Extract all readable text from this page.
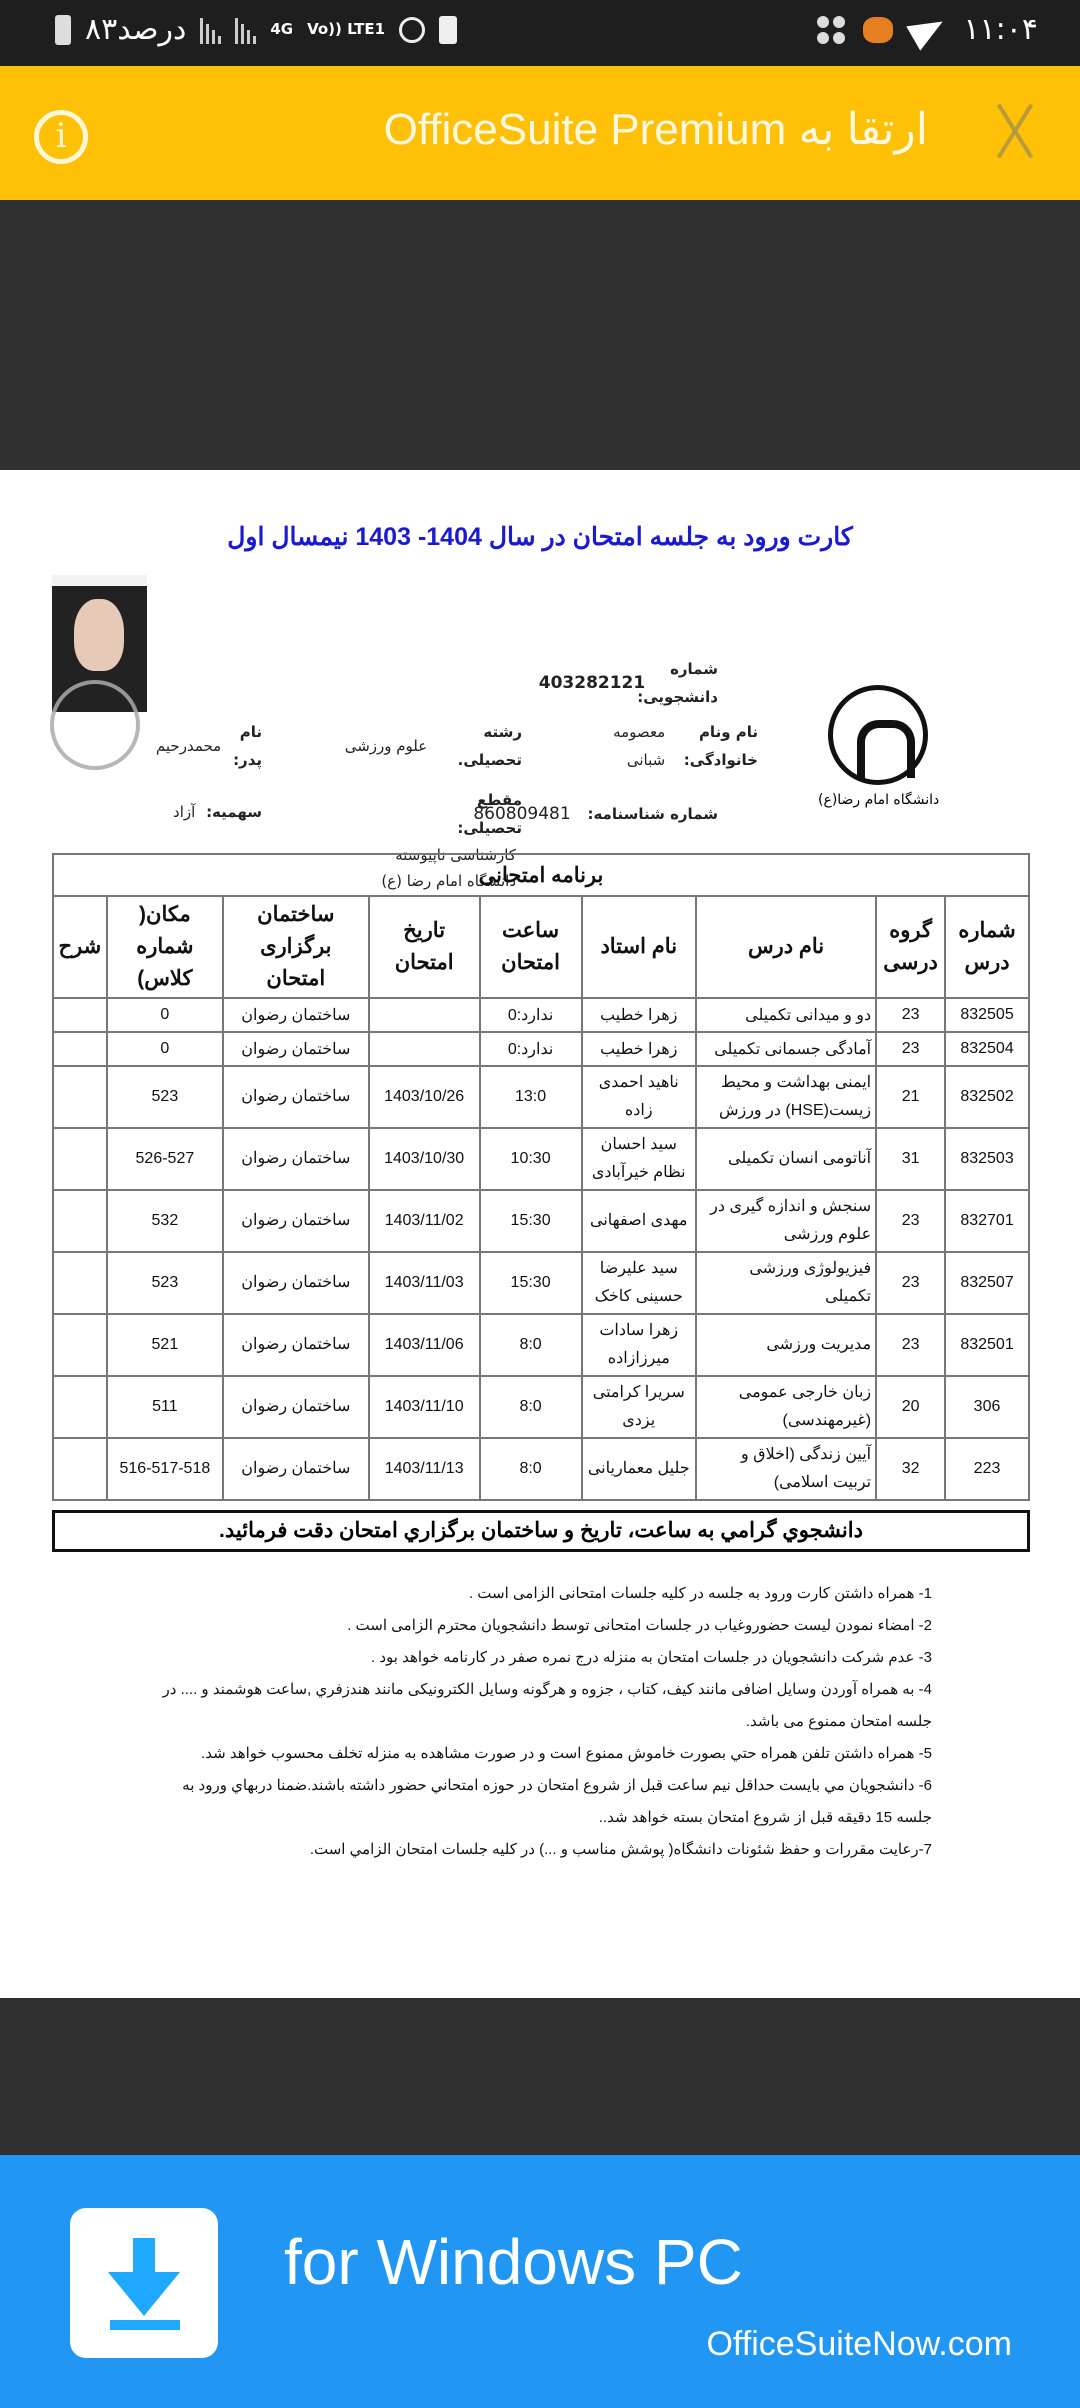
۸۳درصد	4G Vo)) LTE1	۱۱:۰۴
i	ارتقا به OfficeSuite Premium
کارت ورود به جلسه امتحان در سال 1404- 1403 نیمسال اول
دانشگاه امام رضا(ع)
شماره دانشجویی: 403282121
نام ونام خانوادگی:
معصومه
شبانی
رشته تحصیلی. علوم ورزشی
نام پدر: محمدرحیم
شماره شناسنامه: 860809481
مقطع تحصیلی: کارشناسی ناپیوسته دانشگاه امام رضا (ع)
سهمیه: آزاد
برنامه امتحانی								
شماره درس	گروه درسی	نام درس	نام استاد	ساعت امتحان	تاریخ امتحان	ساختمان برگزاری امتحان	مکان( شماره کلاس)	شرح
832505	23	دو و میدانی تکمیلی	زهرا خطیب	ندارد:0		ساختمان رضوان	0	
832504	23	آمادگی جسمانی تکمیلی	زهرا خطیب	ندارد:0		ساختمان رضوان	0	
832502	21	ایمنی بهداشت و محیط زیست(HSE) در ورزش	ناهید احمدی زاده	13:0	1403/10/26	ساختمان رضوان	523	
832503	31	آناتومی انسان تکمیلی	سید احسان نظام خیرآبادی	10:30	1403/10/30	ساختمان رضوان	526-527	
832701	23	سنجش و اندازه گیری در علوم ورزشی	مهدی اصفهانی	15:30	1403/11/02	ساختمان رضوان	532	
832507	23	فیزیولوژی ورزشی تکمیلی	سید علیرضا حسینی کاخک	15:30	1403/11/03	ساختمان رضوان	523	
832501	23	مدیریت ورزشی	زهرا سادات میرزازاده	8:0	1403/11/06	ساختمان رضوان	521	
306	20	زبان خارجی عمومی (غیرمهندسی)	سریرا کرامتی یزدی	8:0	1403/11/10	ساختمان رضوان	511	
223	32	آیین زندگی (اخلاق و تربیت اسلامی)	جلیل معماریانی	8:0	1403/11/13	ساختمان رضوان	516-517-518	
دانشجوي گرامي به ساعت، تاريخ و ساختمان برگزاري امتحان دقت فرمائيد.

1- همراه داشتن کارت ورود به جلسه در کلیه جلسات امتحانی الزامی است .

2- امضاء نمودن لیست حضوروغیاب در جلسات امتحانی توسط دانشجویان محترم الزامی است .

3- عدم شرکت دانشجویان در جلسات امتحان به منزله درج نمره صفر در کارنامه خواهد بود .

4- به همراه آوردن وسایل اضافی مانند کیف، کتاب ، جزوه و هرگونه وسایل الکترونیکی مانند هندزفري ,ساعت هوشمند و .... در جلسه امتحان ممنوع می باشد.

5- همراه داشتن تلفن همراه حتي بصورت خاموش ممنوع است و در صورت مشاهده به منزله تخلف محسوب خواهد شد.

6- دانشجويان مي بايست حداقل نيم ساعت قبل از شروع امتحان در حوزه امتحاني حضور داشته باشند.ضمنا دربهاي ورود به جلسه 15 دقيقه قبل از شروع امتحان بسته خواهد شد..

7-رعايت مقررات و حفظ شئونات دانشگاه( پوشش مناسب و ...) در كليه جلسات امتحان الزامي است.

for Windows PC
OfficeSuiteNow.com
